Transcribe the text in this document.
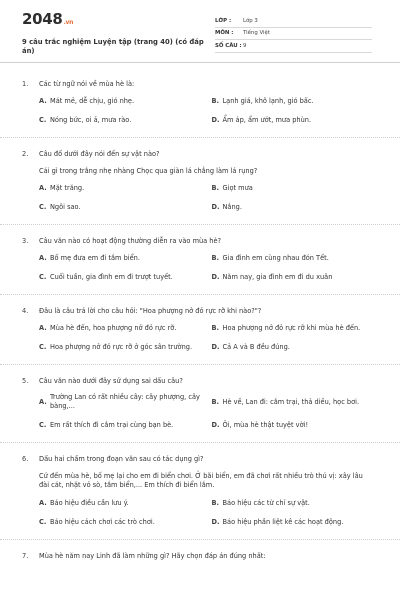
2048.vn
9 câu trắc nghiệm Luyện tập (trang 40) (có đáp án)
LỚP :	Lớp 3
MÔN :	Tiếng Việt
SỐ CÂU : 9
1.	Các từ ngữ nói về mùa hè là:
A. Mát mẻ, dễ chịu, gió nhẹ.	B. Lạnh giá, khô lạnh, gió bấc.
C. Nóng bức, oi ả, mưa rào.	D. Ẩm áp, ẩm ướt, mưa phùn.
2.	Câu đố dưới đây nói đến sự vật nào?
Cái gì trong trắng nhẹ nhàng Chọc qua giàn lá chẳng làm lá rụng?
A. Mặt trăng.	B. Giọt mưa
C. Ngôi sao.	D. Nắng.
3.	Câu văn nào có hoạt động thường diễn ra vào mùa hè?
A. Bố mẹ đưa em đi tắm biển.	B. Gia đình em cùng nhau đón Tết.
C. Cuối tuần, gia đình em đi trượt tuyết.	D. Năm nay, gia đình em đi du xuân
4.	Đâu là câu trả lời cho câu hỏi: "Hoa phượng nở đỏ rực rỡ khi nào?"?
A. Mùa hè đến, hoa phượng nở đỏ rực rỡ.	B. Hoa phượng nở đỏ rực rỡ khi mùa hè đến.
C. Hoa phượng nở đỏ rực rỡ ở góc sân trường.	D. Cả A và B đều đúng.
5.	Câu văn nào dưới đây sử dụng sai dấu câu?
A.
Trường Lan có rất nhiều cây: cây phượng, cây bàng,...
B. Hè về, Lan đi: cắm trại, thả diều, học bơi.
C. Em rất thích đi cắm trại cùng bạn bè.	D. Ôi, mùa hè thật tuyệt vời!
6.	Dấu hai chấm trong đoạn văn sau có tác dụng gì?
Cứ đến mùa hè, bố mẹ lại cho em đi biển chơi. Ở bãi biển, em đã chơi rất nhiều trò thú vị: xây lâu đài cát, nhặt vỏ sò, tắm biển,... Em thích đi biển lắm.
A. Báo hiệu điều cần lưu ý.	B. Báo hiệu các từ chỉ sự vật.
C. Báo hiệu cách chơi các trò chơi.	D. Báo hiệu phần liệt kê các hoạt động.
7.	Mùa hè năm nay Linh đã làm những gì? Hãy chọn đáp án đúng nhất:
